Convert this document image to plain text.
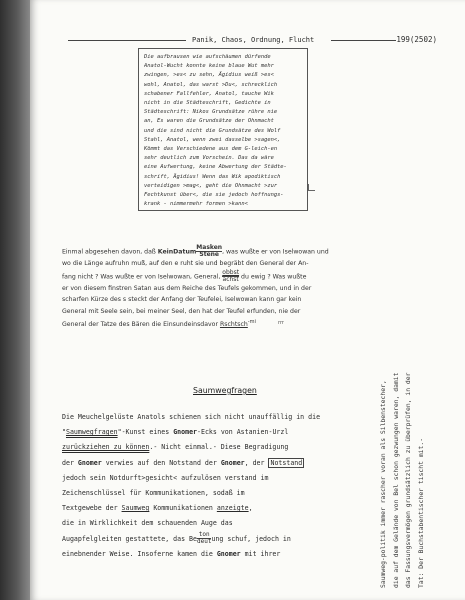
Panik, Chaos, Ordnung, Flucht	199(2502)
Die aufbrausen wie aufschäumen dürfende
Anatol-Wucht konnte keine blaue Wut mehr
zwingen, >es< zu sehn, Ägidius weiß >es<
wohl, Anatol, das warst >Du<, schrecklich
schabener Fallfehler, Anatol, tauche Wik
nicht in die Städteschrift, Gedichte in
Städteschrift: Nikos Grundsätze rühre nie
an, Es waren die Grundsätze der Ohnmacht
und die sind nicht die Grundsätze des Wolf
Stahl, Anatol, wenn zwei dasselbe >sagen<,
Kömmt das Verschiedene aus dem G-leich-en
sehr deutlich zum Vorschein. Das da wäre
eine Aufwertung, keine Abwertung der Städte-
schrift, Ägidius! Wenn das Wik apodiktisch
verteidigen >mag<, geht die Ohnmacht >zur
Fechtkunst über<, die sie jedoch hoffnungs-
krank - nimmermehr formen >kann<
Einmal abgesehen davon, daß KeinDatum
Masken
Stene , was wußte er von Iselwowan und
wo die Länge aufruhn muß, auf den e ruht sie und begräbt den General der An-
fang nicht ? Was wußte er von Iselwowan, General,
obbst
achst du ewig ? Was wußte
er von diesem finstren Satan aus dem Reiche des Teufels gekommen, und in der
scharfen Kürze des s steckt der Anfang der Teufelei, Iselwowan kann gar kein
General mit Seele sein, bei meiner Seel, den hat der Teufel erfunden, nie der
General der Tatze des Bären die Einsundeinsdavor Rschtsch$^{-mi}$	rrr
Saumwegfragen
Die Meuchelgelüste Anatols schienen sich nicht unauffällig in die
"Saumwegfragen"-Kunst eines Gnomer-Ecks von Astanien-Urzl
zurückziehen zu können.- Nicht einmal.- Diese Begradigung
der Gnomer verwies auf den Notstand der Gnomer, der Notstand
jedoch sein Notdurft>gesicht< aufzulösen verstand im
Zeichenschlüssel für Kommunikationen, sodaß im
Textgewebe der Saumweg Kommunikationen anzeigte,
die in Wirklichkeit dem schauenden Auge das
Augapfelgleiten gestattete, das Be ton
deut ung schuf, jedoch in
einebnender Weise. Insoferne kamen die Gnomer mit ihrer	Saumweg-politik immer rascher voran als Silbenstecher, die auf dem Gelände von Bel schon gezwungen waren, damit das Fassungsvermögen grundsätzlich zu überprüfen, in der Tat: Der Buchstabentischer tischt mit.-
